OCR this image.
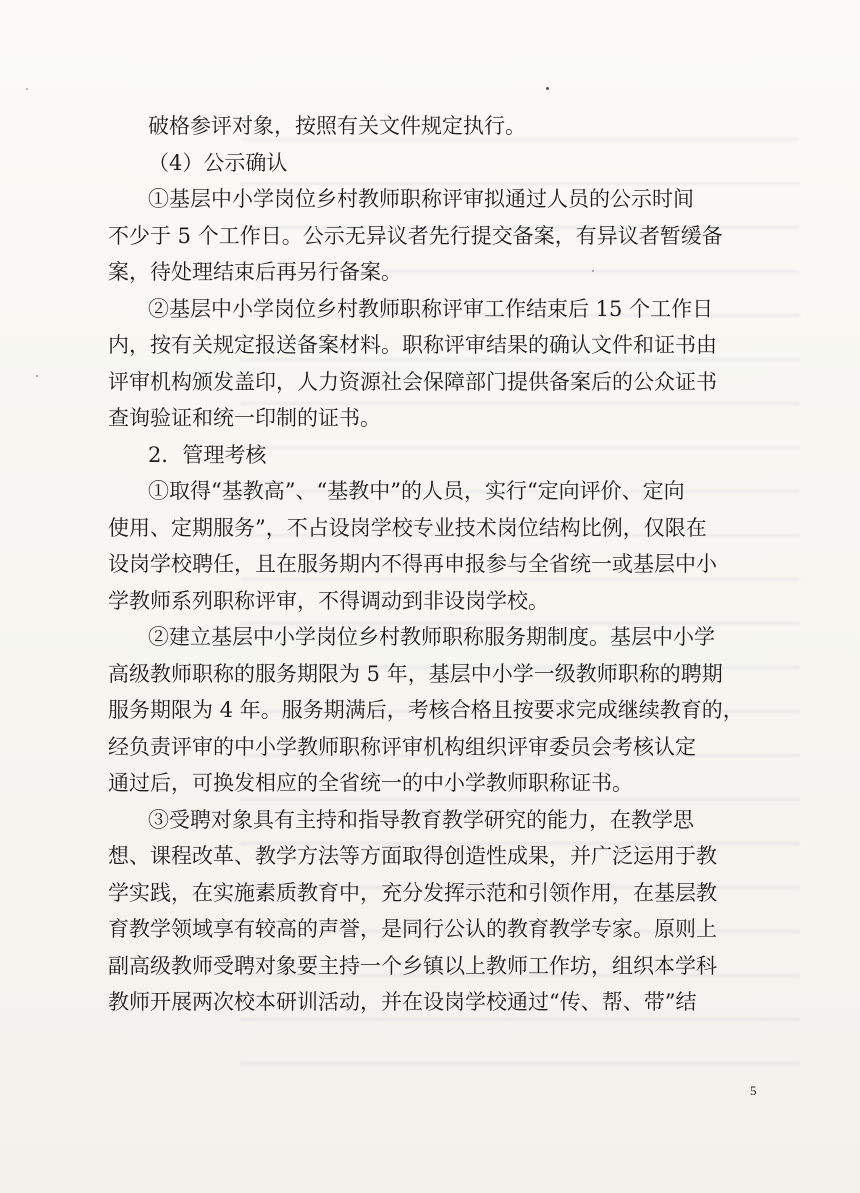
破格参评对象，按照有关文件规定执行。
（4）公示确认
①基层中小学岗位乡村教师职称评审拟通过人员的公示时间
不少于 5 个工作日。公示无异议者先行提交备案，有异议者暂缓备
案，待处理结束后再另行备案。
②基层中小学岗位乡村教师职称评审工作结束后 15 个工作日
内，按有关规定报送备案材料。职称评审结果的确认文件和证书由
评审机构颁发盖印，人力资源社会保障部门提供备案后的公众证书
查询验证和统一印制的证书。
2．管理考核
①取得“基教高”、“基教中”的人员，实行“定向评价、定向
使用、定期服务”，不占设岗学校专业技术岗位结构比例，仅限在
设岗学校聘任，且在服务期内不得再申报参与全省统一或基层中小
学教师系列职称评审，不得调动到非设岗学校。
②建立基层中小学岗位乡村教师职称服务期制度。基层中小学
高级教师职称的服务期限为 5 年，基层中小学一级教师职称的聘期
服务期限为 4 年。服务期满后，考核合格且按要求完成继续教育的，
经负责评审的中小学教师职称评审机构组织评审委员会考核认定
通过后，可换发相应的全省统一的中小学教师职称证书。
③受聘对象具有主持和指导教育教学研究的能力，在教学思
想、课程改革、教学方法等方面取得创造性成果，并广泛运用于教
学实践，在实施素质教育中，充分发挥示范和引领作用，在基层教
育教学领域享有较高的声誉，是同行公认的教育教学专家。原则上
副高级教师受聘对象要主持一个乡镇以上教师工作坊，组织本学科
教师开展两次校本研训活动，并在设岗学校通过“传、帮、带”结
5
